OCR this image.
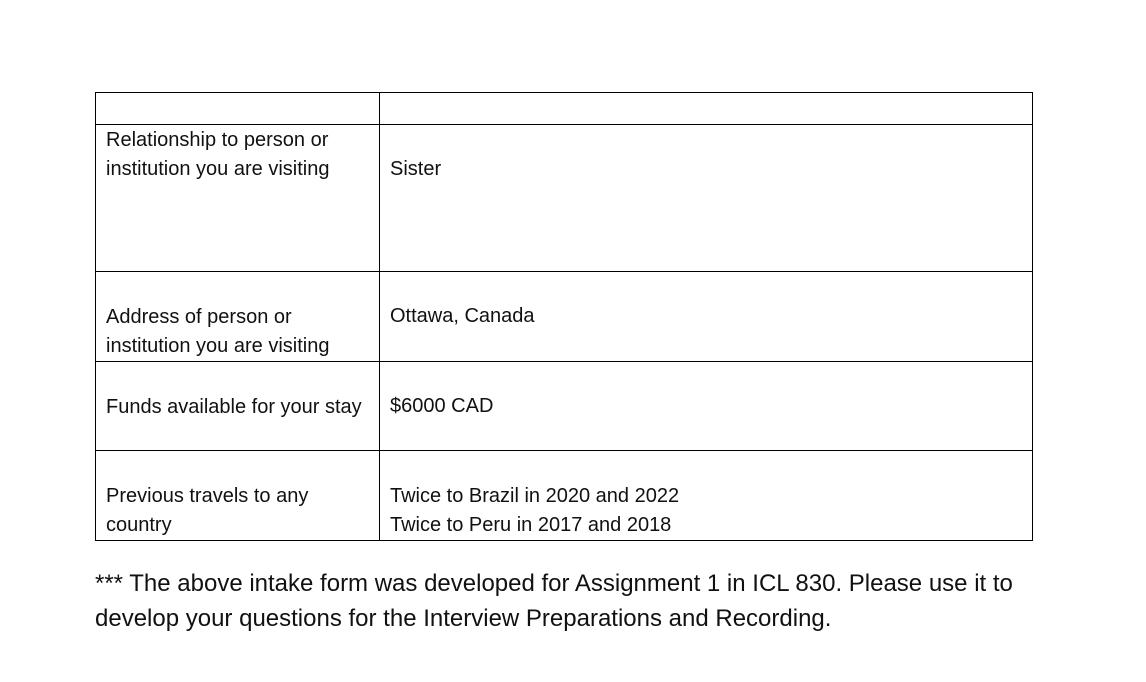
Relationship to person or institution you are visiting	Sister

Address of person or institution you are visiting	Ottawa, Canada

Funds available for your stay	$6000 CAD

Previous travels to any country	Twice to Brazil in 2020 and 2022
Twice to Peru in 2017 and 2018

*** The above intake form was developed for Assignment 1 in ICL 830. Please use it to develop your questions for the Interview Preparations and Recording.
